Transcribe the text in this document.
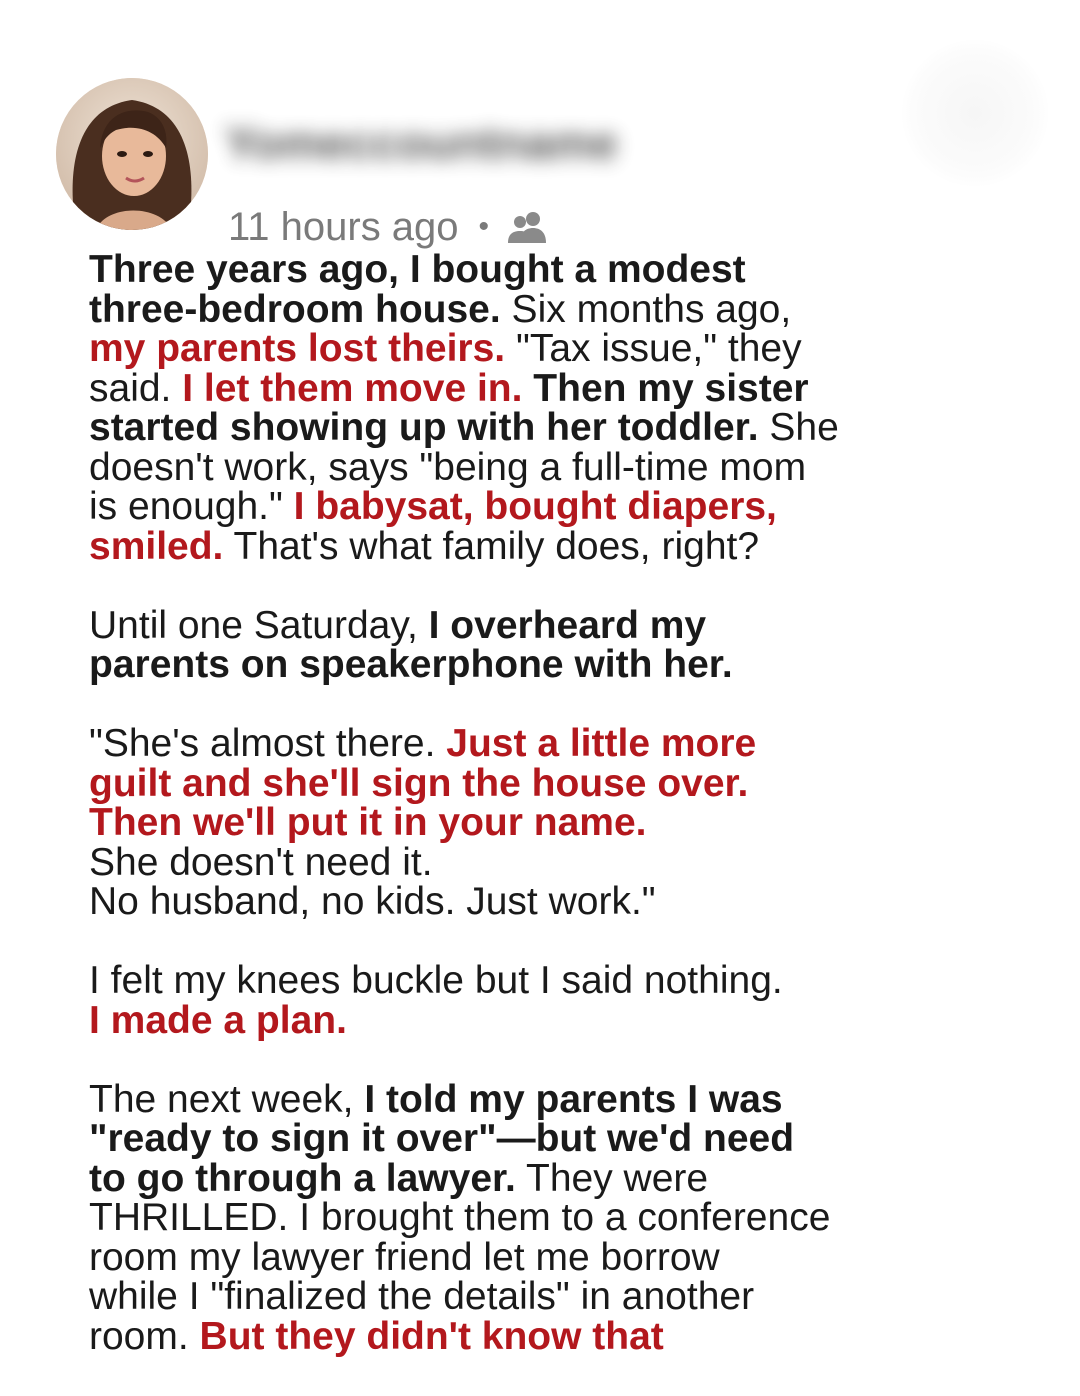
Yomeccountname
11 hours ago •
Three years ago, I bought a modest
three-bedroom house. Six months ago,
my parents lost theirs. "Tax issue," they
said. I let them move in. Then my sister
started showing up with her toddler. She
doesn't work, says "being a full-time mom
is enough." I babysat, bought diapers,
smiled. That's what family does, right?
Until one Saturday, I overheard my
parents on speakerphone with her.
"She's almost there. Just a little more
guilt and she'll sign the house over.
Then we'll put it in your name.
She doesn't need it.
No husband, no kids. Just work."
I felt my knees buckle but I said nothing.
I made a plan.
The next week, I told my parents I was
"ready to sign it over"—but we'd need
to go through a lawyer. They were
THRILLED. I brought them to a conference
room my lawyer friend let me borrow
while I "finalized the details" in another
room. But they didn't know that
